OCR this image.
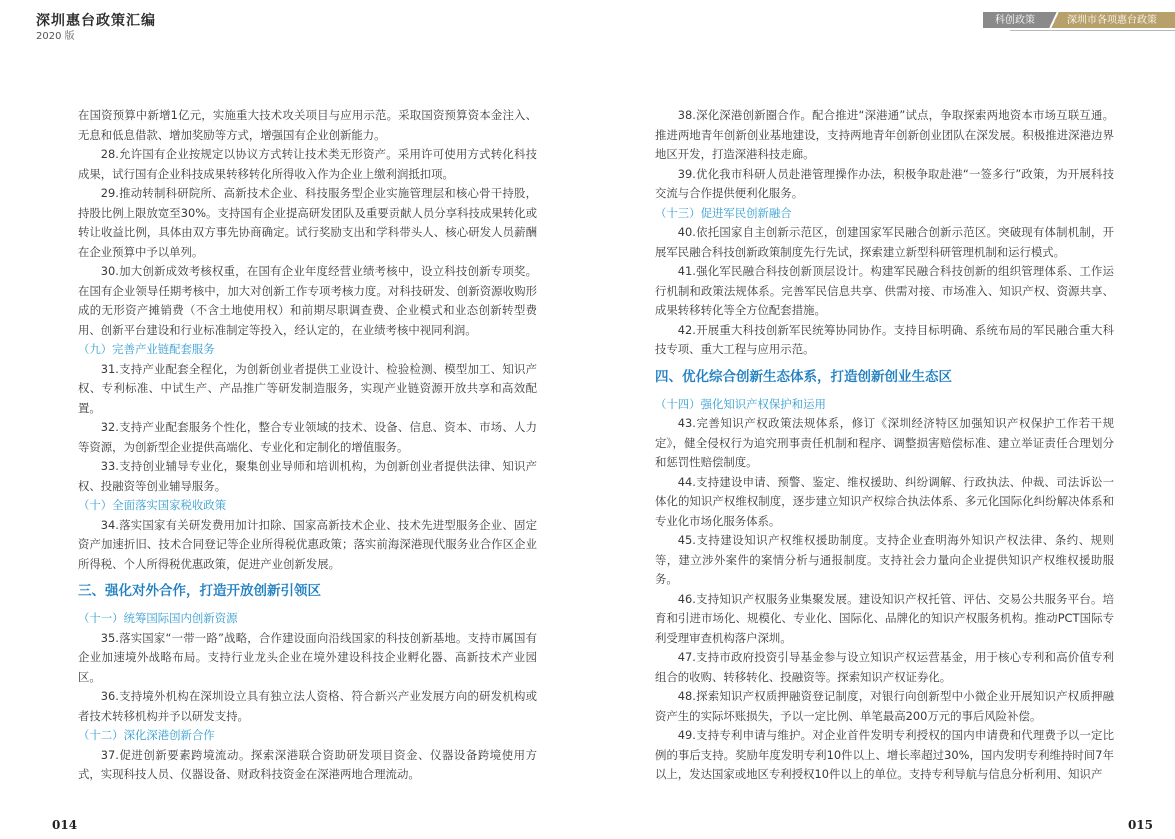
深圳惠台政策汇编
2020 版
科创政策	深圳市各项惠台政策

在国资预算中新增1亿元，实施重大技术攻关项目与应用示范。采取国资预算资本金注入、无息和低息借款、增加奖励等方式，增强国有企业创新能力。

28.允许国有企业按规定以协议方式转让技术类无形资产。采用许可使用方式转化科技成果，试行国有企业科技成果转移转化所得收入作为企业上缴利润抵扣项。

29.推动转制科研院所、高新技术企业、科技服务型企业实施管理层和核心骨干持股，持股比例上限放宽至30%。支持国有企业提高研发团队及重要贡献人员分享科技成果转化或转让收益比例，具体由双方事先协商确定。试行奖励支出和学科带头人、核心研发人员薪酬在企业预算中予以单列。

30.加大创新成效考核权重，在国有企业年度经营业绩考核中，设立科技创新专项奖。在国有企业领导任期考核中，加大对创新工作专项考核力度。对科技研发、创新资源收购形成的无形资产摊销费（不含土地使用权）和前期尽职调查费、企业模式和业态创新转型费用、创新平台建设和行业标准制定等投入，经认定的，在业绩考核中视同利润。

（九）完善产业链配套服务

31.支持产业配套全程化，为创新创业者提供工业设计、检验检测、模型加工、知识产权、专利标准、中试生产、产品推广等研发制造服务，实现产业链资源开放共享和高效配置。

32.支持产业配套服务个性化，整合专业领域的技术、设备、信息、资本、市场、人力等资源，为创新型企业提供高端化、专业化和定制化的增值服务。

33.支持创业辅导专业化，聚集创业导师和培训机构，为创新创业者提供法律、知识产权、投融资等创业辅导服务。

（十）全面落实国家税收政策

34.落实国家有关研发费用加计扣除、国家高新技术企业、技术先进型服务企业、固定资产加速折旧、技术合同登记等企业所得税优惠政策；落实前海深港现代服务业合作区企业所得税、个人所得税优惠政策，促进产业创新发展。

三、强化对外合作，打造开放创新引领区

（十一）统筹国际国内创新资源

35.落实国家“一带一路”战略，合作建设面向沿线国家的科技创新基地。支持市属国有企业加速境外战略布局。支持行业龙头企业在境外建设科技企业孵化器、高新技术产业园区。

36.支持境外机构在深圳设立具有独立法人资格、符合新兴产业发展方向的研发机构或者技术转移机构并予以研发支持。

（十二）深化深港创新合作

37.促进创新要素跨境流动。探索深港联合资助研发项目资金、仪器设备跨境使用方式，实现科技人员、仪器设备、财政科技资金在深港两地合理流动。

38.深化深港创新圈合作。配合推进“深港通”试点，争取探索两地资本市场互联互通。推进两地青年创新创业基地建设，支持两地青年创新创业团队在深发展。积极推进深港边界地区开发，打造深港科技走廊。

39.优化我市科研人员赴港管理操作办法，积极争取赴港“一签多行”政策，为开展科技交流与合作提供便利化服务。

（十三）促进军民创新融合

40.依托国家自主创新示范区，创建国家军民融合创新示范区。突破现有体制机制，开展军民融合科技创新政策制度先行先试，探索建立新型科研管理机制和运行模式。

41.强化军民融合科技创新顶层设计。构建军民融合科技创新的组织管理体系、工作运行机制和政策法规体系。完善军民信息共享、供需对接、市场准入、知识产权、资源共享、成果转移转化等全方位配套措施。

42.开展重大科技创新军民统筹协同协作。支持目标明确、系统布局的军民融合重大科技专项、重大工程与应用示范。

四、优化综合创新生态体系，打造创新创业生态区

（十四）强化知识产权保护和运用

43.完善知识产权政策法规体系，修订《深圳经济特区加强知识产权保护工作若干规定》，健全侵权行为追究刑事责任机制和程序、调整损害赔偿标准、建立举证责任合理划分和惩罚性赔偿制度。

44.支持建设申请、预警、鉴定、维权援助、纠纷调解、行政执法、仲裁、司法诉讼一体化的知识产权维权制度，逐步建立知识产权综合执法体系、多元化国际化纠纷解决体系和专业化市场化服务体系。

45.支持建设知识产权维权援助制度。支持企业查明海外知识产权法律、条约、规则等，建立涉外案件的案情分析与通报制度。支持社会力量向企业提供知识产权维权援助服务。

46.支持知识产权服务业集聚发展。建设知识产权托管、评估、交易公共服务平台。培育和引进市场化、规模化、专业化、国际化、品牌化的知识产权服务机构。推动PCT国际专利受理审查机构落户深圳。

47.支持市政府投资引导基金参与设立知识产权运营基金，用于核心专利和高价值专利组合的收购、转移转化、投融资等。探索知识产权证券化。

48.探索知识产权质押融资登记制度，对银行向创新型中小微企业开展知识产权质押融资产生的实际坏账损失，予以一定比例、单笔最高200万元的事后风险补偿。

49.支持专利申请与维护。对企业首件发明专利授权的国内申请费和代理费予以一定比例的事后支持。奖励年度发明专利10件以上、增长率超过30%，国内发明专利维持时间7年以上，发达国家或地区专利授权10件以上的单位。支持专利导航与信息分析利用、知识产

014	015
